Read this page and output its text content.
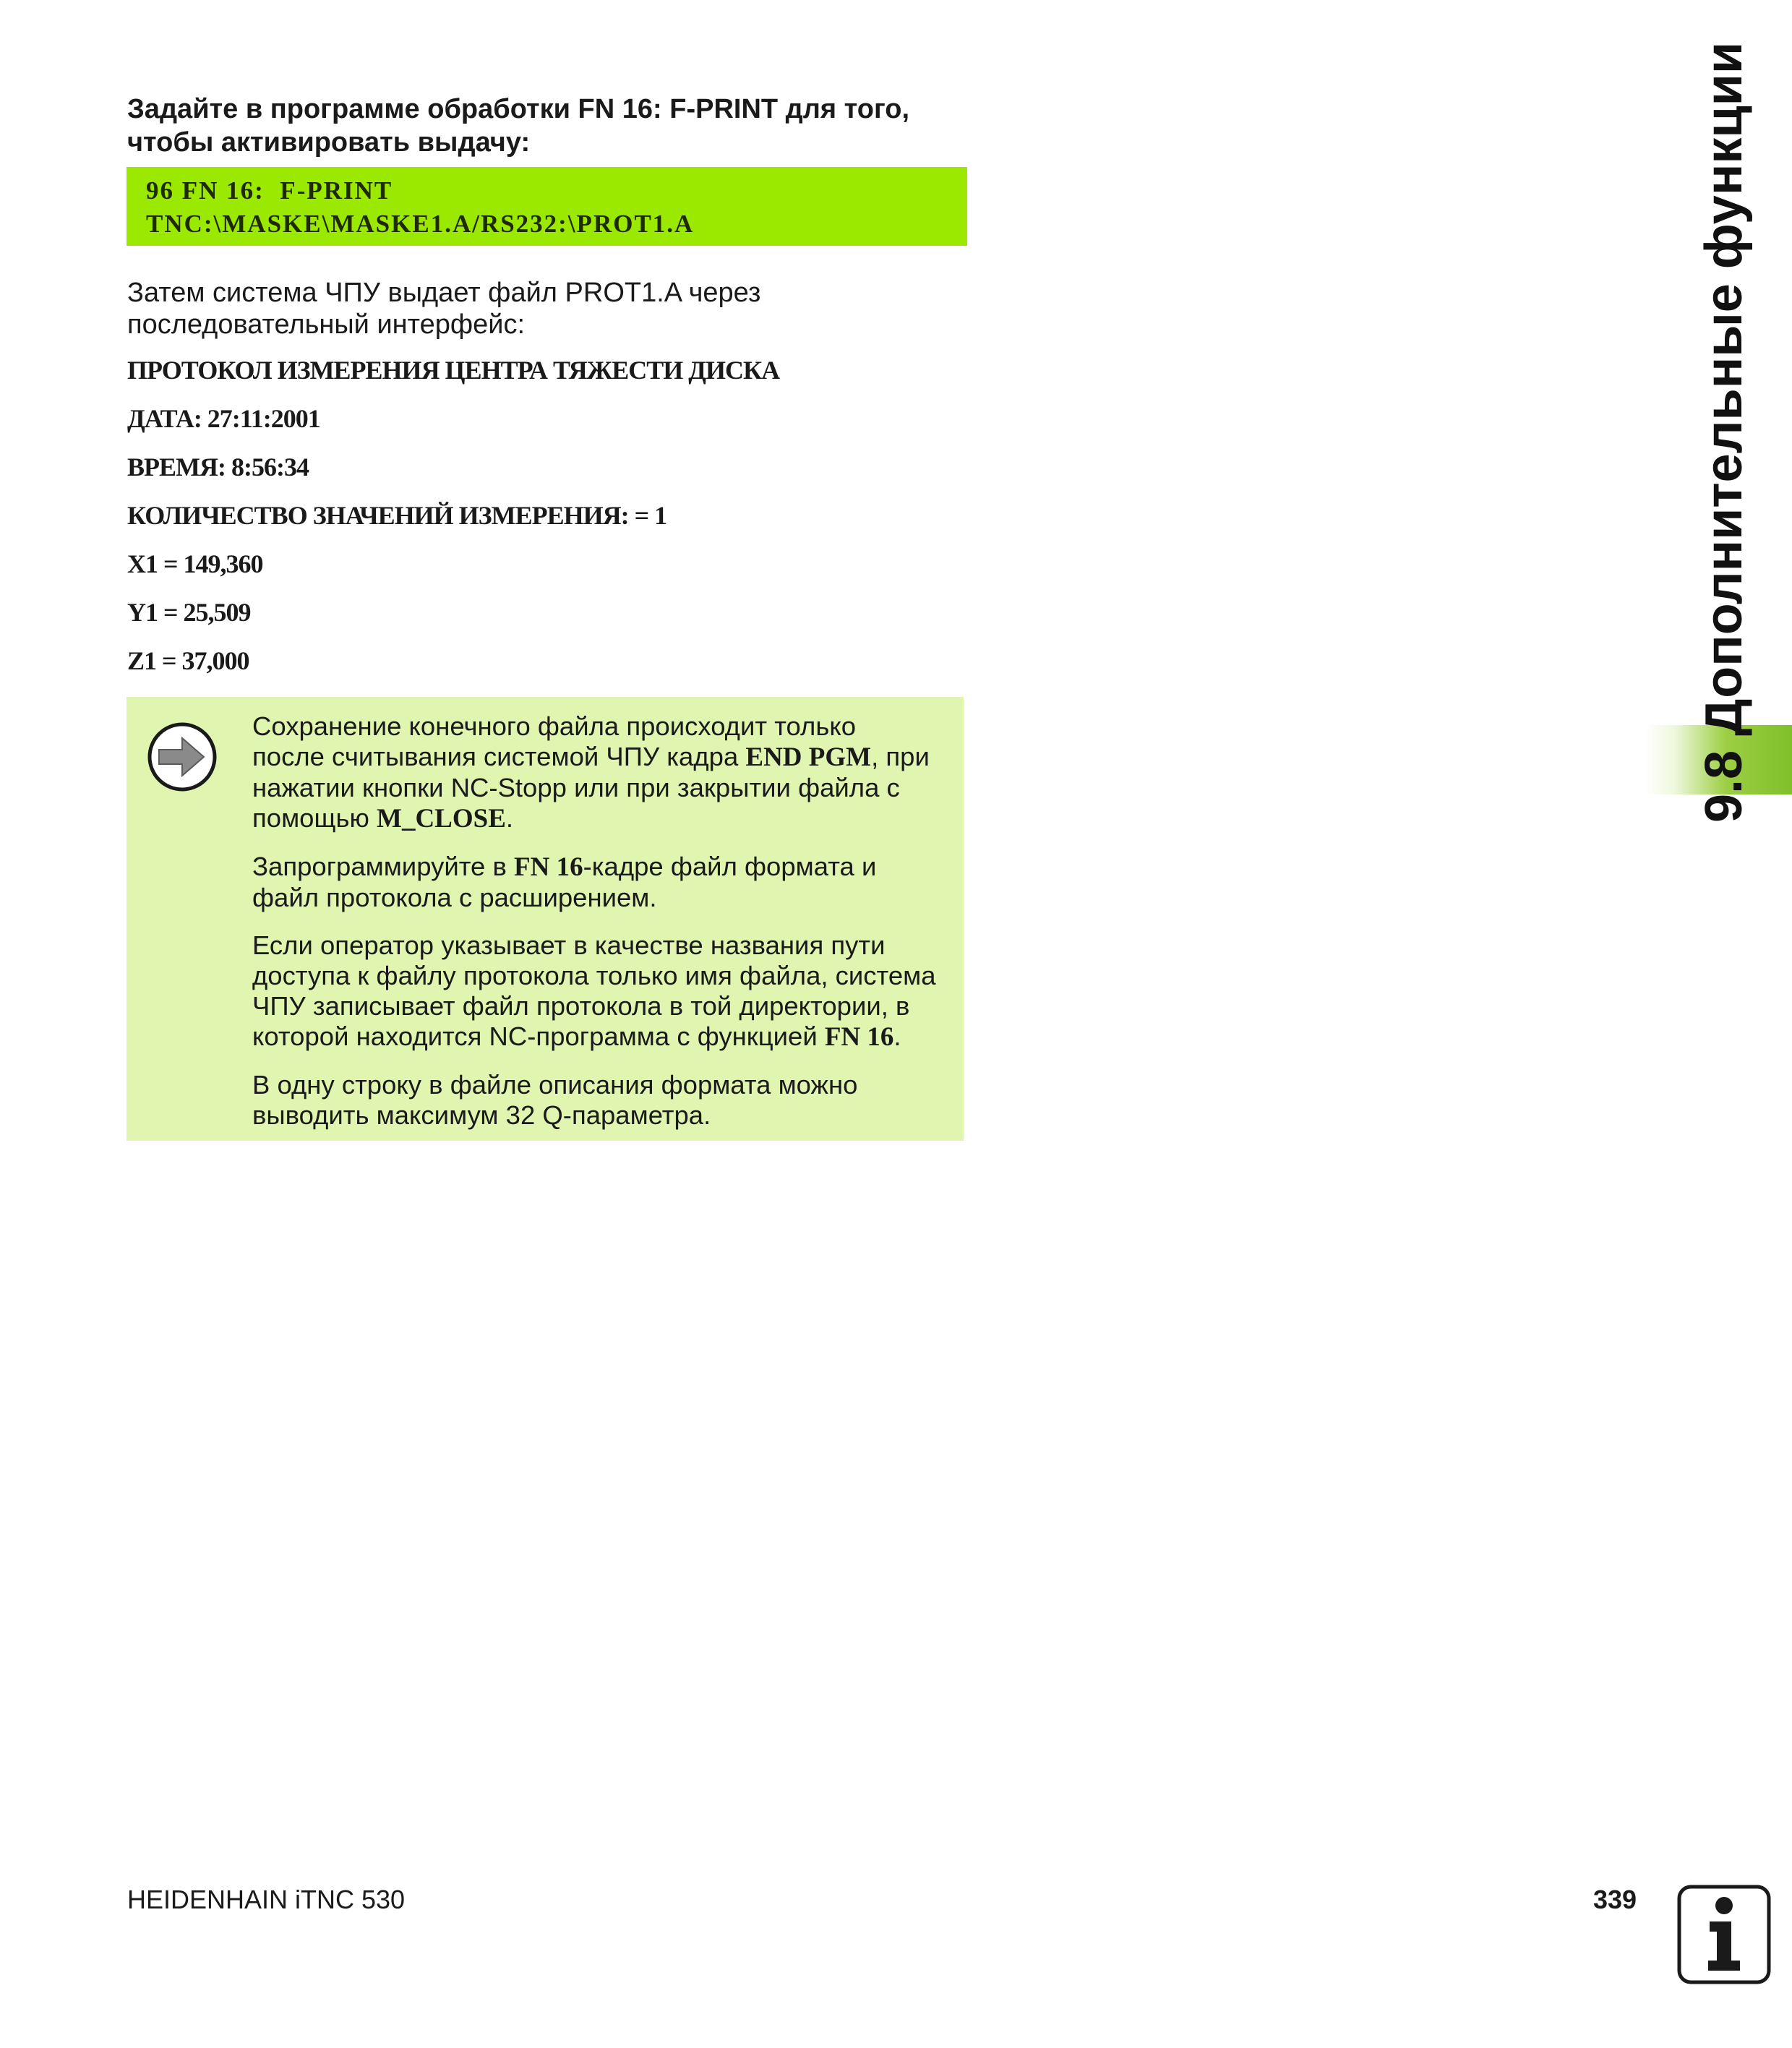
Задайте в программе обработки FN 16: F-PRINT для того,
чтобы активировать выдачу:

96 FN 16:  F-PRINT
TNC:\MASKE\MASKE1.A/RS232:\PROT1.A

Затем система ЧПУ выдает файл PROT1.A через
последовательный интерфейс:

ПРОТОКОЛ ИЗМЕРЕНИЯ ЦЕНТРА ТЯЖЕСТИ ДИСКА
ДАТА: 27:11:2001
ВРЕМЯ: 8:56:34
КОЛИЧЕСТВО ЗНАЧЕНИЙ ИЗМЕРЕНИЯ: = 1
X1 = 149,360
Y1 = 25,509
Z1 = 37,000

Сохранение конечного файла происходит только
после считывания системой ЧПУ кадра END PGM, при
нажатии кнопки NC-Stopp или при закрытии файла с
помощью M_CLOSE.

Запрограммируйте в FN 16-кадре файл формата и
файл протокола с расширением.

Если оператор указывает в качестве названия пути
доступа к файлу протокола только имя файла, система
ЧПУ записывает файл протокола в той директории, в
которой находится NC-программа с функцией FN 16.

В одну строку в файле описания формата можно
выводить максимум 32 Q-параметра.

9.8 Дополнительные функции
HEIDENHAIN iTNC 530	339
